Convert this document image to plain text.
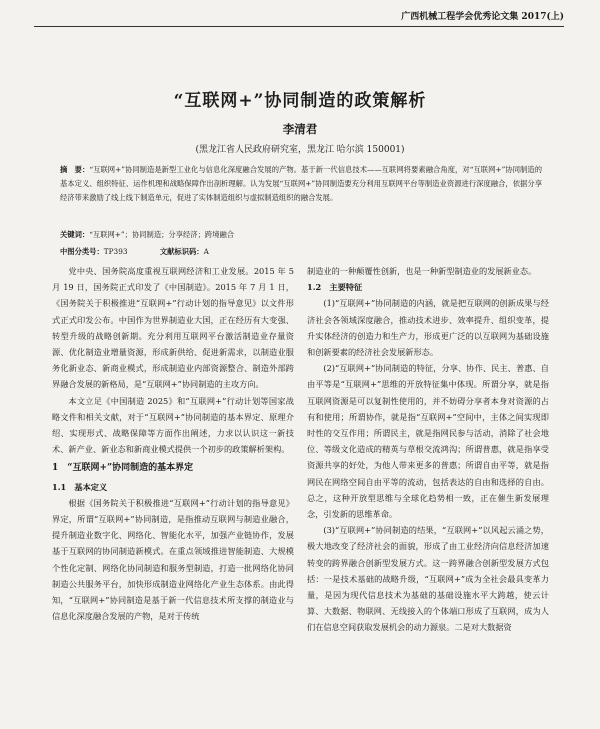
广西机械工程学会优秀论文集 2017(上)
“互联网+”协同制造的政策解析
李清君
(黑龙江省人民政府研究室，黑龙江 哈尔滨 150001)
摘　要：“互联网+”协同制造是新型工业化与信息化深度融合发展的产物。基于新一代信息技术——互联网将要素融合角度，对“互联网+”协同制造的基本定义、组织特征、运作机理和战略保障作出剖析理解。认为发展“互联网+”协同制造要充分利用互联网平台等制造业资源进行深度融合，依据分享经济带来激励了线上线下制造单元，促进了实体制造组织与虚拟制造组织的融合发展。
关键词：“互联网+”；协同制造；分享经济；跨境融合
中图分类号：TP393	文献标识码：A

党中央、国务院高度重视互联网经济和工业发展。2015 年 5 月 19 日，国务院正式印发了《中国制造》。2015 年 7 月 1 日，《国务院关于积极推进“互联网+”行动计划的指导意见》以文件形式正式印发公布。中国作为世界制造业大国，正在经历有大变强、转型升级的战略创新期。充分利用互联网平台激活制造业存量资源、优化制造业增量资源，形成新供给、促进新需求，以制造业服务化新业态、新商业模式，形成制造业内部资源整合、制造外部跨界融合发展的新格局，是“互联网+”协同制造的主攻方向。

本文立足《中国制造 2025》和“互联网+”行动计划等国家战略文件和相关文献，对于“互联网+”协同制造的基本界定、原理介绍、实现形式、战略保障等方面作出阐述，力求以认识这一新技术、新产业、新业态和新商业模式提供一个初步的政策解析架构。

1　“互联网+”协同制造的基本界定
1.1　基本定义

根据《国务院关于积极推进“互联网+”行动计划的指导意见》界定，所谓“互联网+”协同制造，是指推动互联网与制造业融合，提升制造业数字化、网络化、智能化水平，加强产业链协作，发展基于互联网的协同制造新模式。在重点领域推进智能制造、大规模个性化定制、网络化协同制造和服务型制造，打造一批网络化协同制造公共服务平台，加快形成制造业网络化产业生态体系。由此得知，“互联网+”协同制造是基于新一代信息技术所支撑的制造业与信息化深度融合发展的产物，是对于传统

制造业的一种颠覆性创新，也是一种新型制造业的发展新业态。

1.2　主要特征

(1)“互联网+”协同制造的内涵，就是把互联网的创新成果与经济社会各领域深度融合，推动技术进步、效率提升、组织变革，提升实体经济的创造力和生产力，形成更广泛的以互联网为基础设施和创新要素的经济社会发展新形态。

(2)“互联网+”协同制造的特征，分享、协作、民主、普惠、自由平等是“互联网+”思维的开放特征集中体现。所谓分享，就是指互联网资源是可以复制性使用的，并不妨碍分享者本身对资源的占有和使用；所谓协作，就是指“互联网+”空间中，主体之间实现即时性的交互作用；所谓民主，就是指网民参与活动，消除了社会地位、等级文化造成的精英与草根交流鸿沟；所谓普惠，就是指享受资源共享的好处，为他人带来更多的普惠；所谓自由平等，就是指网民在网络空间自由平等的流动，包括表达的自由和选择的自由。总之，这种开放型思维与全球化趋势相一致，正在催生新发展理念，引发新的思维革命。

(3)“互联网+”协同制造的结果，“互联网+”以风起云涌之势，极大地改变了经济社会的面貌，形成了由工业经济向信息经济加速转变的跨界融合创新型发展方式。这一跨界融合创新型发展方式包括：一是技术基础的战略升级，“互联网+”成为全社会最具变革力量，是因为现代信息技术为基础的基础设施水平大跨越，使云计算、大数据、物联网、无线接入的个体端口形成了互联网，成为人们在信息空间获取发展机会的动力源泉。二是对大数据资
